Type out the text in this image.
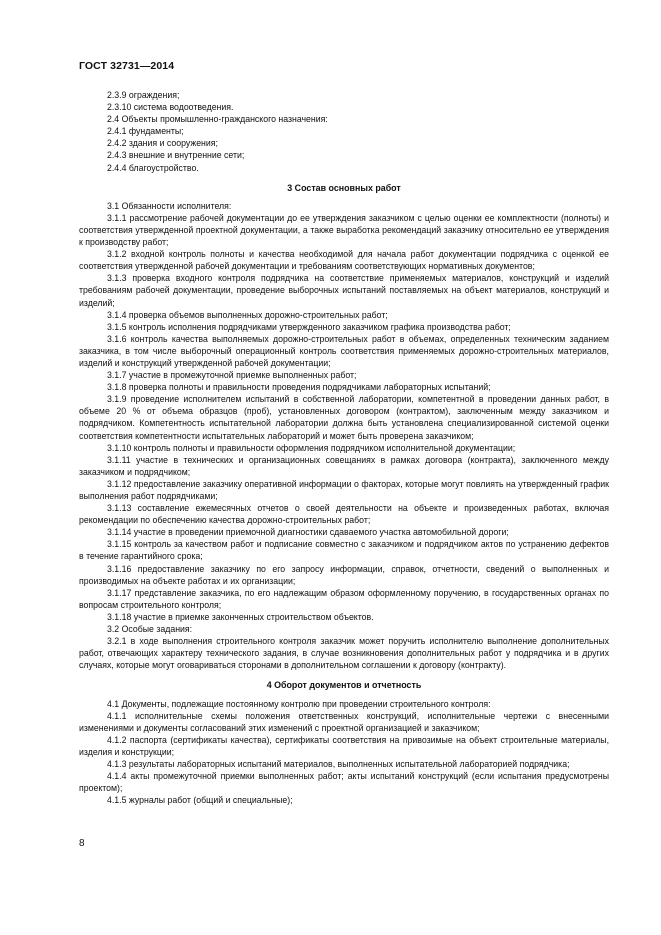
ГОСТ 32731—2014

2.3.9 ограждения;

2.3.10 система водоотведения.

2.4 Объекты промышленно-гражданского назначения:

2.4.1 фундаменты;

2.4.2 здания и сооружения;

2.4.3 внешние и внутренние сети;

2.4.4 благоустройство.

3 Состав основных работ

3.1 Обязанности исполнителя:

3.1.1 рассмотрение рабочей документации до ее утверждения заказчиком с целью оценки ее комплектности (полноты) и соответствия утвержденной проектной документации, а также выработка рекомендаций заказчику относительно ее утверждения к производству работ;

3.1.2 входной контроль полноты и качества необходимой для начала работ документации подрядчика с оценкой ее соответствия утвержденной рабочей документации и требованиям соответствующих нормативных документов;

3.1.3 проверка входного контроля подрядчика на соответствие применяемых материалов, конструкций и изделий требованиям рабочей документации, проведение выборочных испытаний поставляемых на объект материалов, конструкций и изделий;

3.1.4 проверка объемов выполненных дорожно-строительных работ;

3.1.5 контроль исполнения подрядчиками утвержденного заказчиком графика производства работ;

3.1.6 контроль качества выполняемых дорожно-строительных работ в объемах, определенных техническим заданием заказчика, в том числе выборочный операционный контроль соответствия применяемых дорожно-строительных материалов, изделий и конструкций утвержденной рабочей документации;

3.1.7 участие в промежуточной приемке выполненных работ;

3.1.8 проверка полноты и правильности проведения подрядчиками лабораторных испытаний;

3.1.9 проведение исполнителем испытаний в собственной лаборатории, компетентной в проведении данных работ, в объеме 20 % от объема образцов (проб), установленных договором (контрактом), заключенным между заказчиком и подрядчиком. Компетентность испытательной лаборатории должна быть установлена специализированной системой оценки соответствия компетентности испытательных лабораторий и может быть проверена заказчиком;

3.1.10 контроль полноты и правильности оформления подрядчиком исполнительной документации;

3.1.11 участие в технических и организационных совещаниях в рамках договора (контракта), заключенного между заказчиком и подрядчиком;

3.1.12 предоставление заказчику оперативной информации о факторах, которые могут повлиять на утвержденный график выполнения работ подрядчиками;

3.1.13 составление ежемесячных отчетов о своей деятельности на объекте и произведенных работах, включая рекомендации по обеспечению качества дорожно-строительных работ;

3.1.14 участие в проведении приемочной диагностики сдаваемого участка автомобильной дороги;

3.1.15 контроль за качеством работ и подписание совместно с заказчиком и подрядчиком актов по устранению дефектов в течение гарантийного срока;

3.1.16 предоставление заказчику по его запросу информации, справок, отчетности, сведений о выполненных и производимых на объекте работах и их организации;

3.1.17 представление заказчика, по его надлежащим образом оформленному поручению, в государственных органах по вопросам строительного контроля;

3.1.18 участие в приемке законченных строительством объектов.

3.2 Особые задания:

3.2.1 в ходе выполнения строительного контроля заказчик может поручить исполнителю выполнение дополнительных работ, отвечающих характеру технического задания, в случае возникновения дополнительных работ у подрядчика и в других случаях, которые могут оговариваться сторонами в дополнительном соглашении к договору (контракту).

4 Оборот документов и отчетность

4.1 Документы, подлежащие постоянному контролю при проведении строительного контроля:

4.1.1 исполнительные схемы положения ответственных конструкций, исполнительные чертежи с внесенными изменениями и документы согласований этих изменений с проектной организацией и заказчиком;

4.1.2 паспорта (сертификаты качества), сертификаты соответствия на привозимые на объект строительные материалы, изделия и конструкции;

4.1.3 результаты лабораторных испытаний материалов, выполненных испытательной лабораторией подрядчика;

4.1.4 акты промежуточной приемки выполненных работ; акты испытаний конструкций (если испытания предусмотрены проектом);

4.1.5 журналы работ (общий и специальные);

8
